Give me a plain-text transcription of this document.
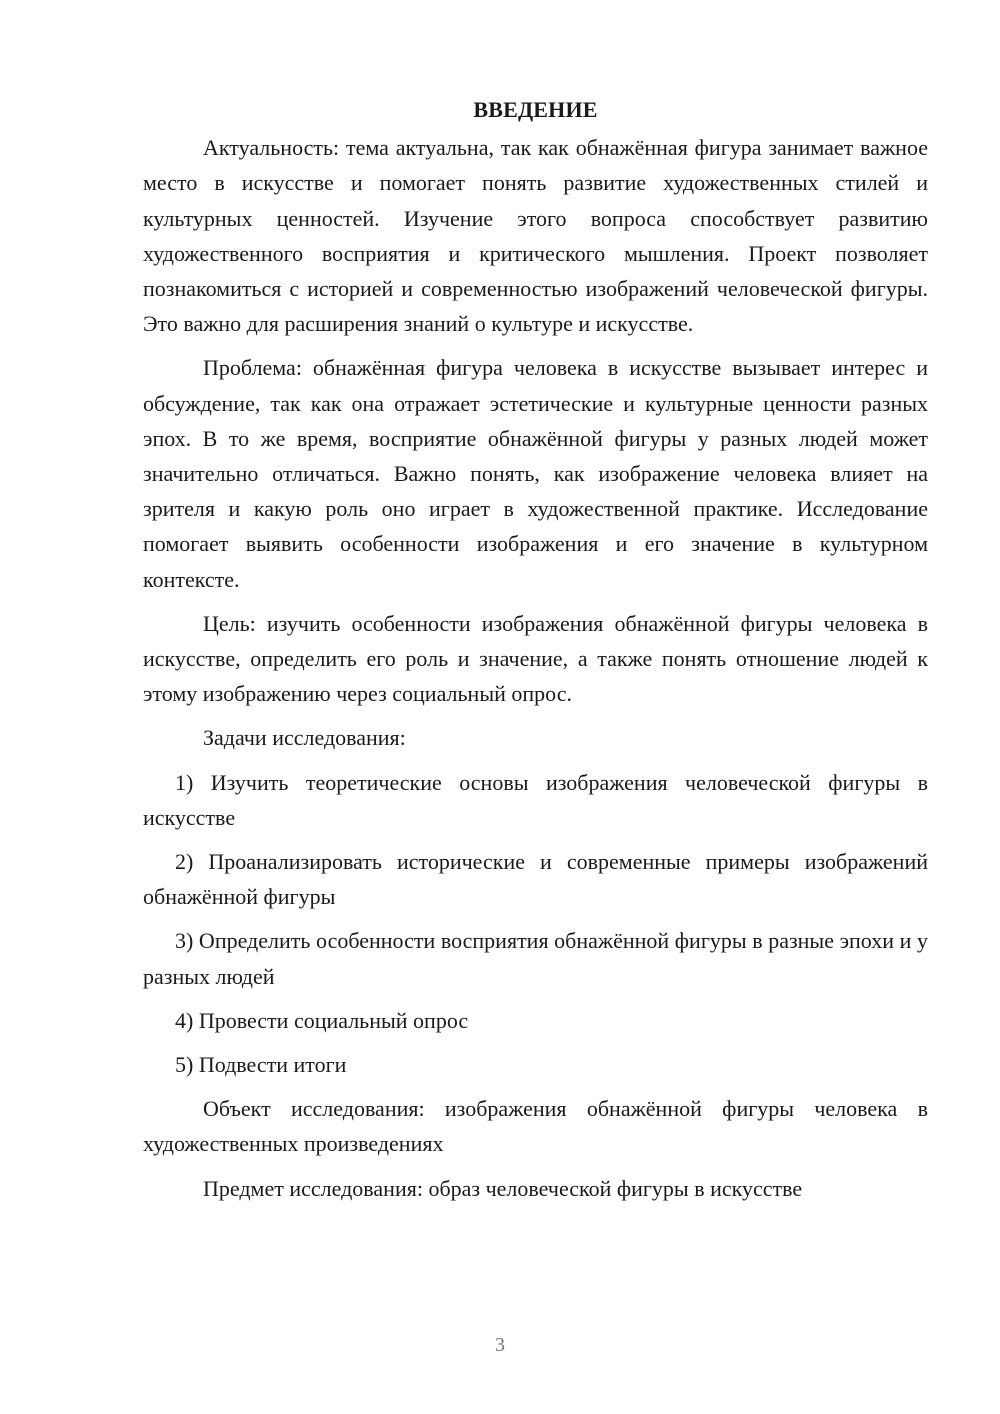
ВВЕДЕНИЕ

Актуальность: тема актуальна, так как обнажённая фигура занимает важное место в искусстве и помогает понять развитие художественных стилей и культурных ценностей. Изучение этого вопроса способствует развитию художественного восприятия и критического мышления. Проект позволяет познакомиться с историей и современностью изображений человеческой фигуры. Это важно для расширения знаний о культуре и искусстве.

Проблема: обнажённая фигура человека в искусстве вызывает интерес и обсуждение, так как она отражает эстетические и культурные ценности разных эпох. В то же время, восприятие обнажённой фигуры у разных людей может значительно отличаться. Важно понять, как изображение человека влияет на зрителя и какую роль оно играет в художественной практике. Исследование помогает выявить особенности изображения и его значение в культурном контексте.

Цель: изучить особенности изображения обнажённой фигуры человека в искусстве, определить его роль и значение, а также понять отношение людей к этому изображению через социальный опрос.

Задачи исследования:

1) Изучить теоретические основы изображения человеческой фигуры в искусстве
2) Проанализировать исторические и современные примеры изображений обнажённой фигуры
3) Определить особенности восприятия обнажённой фигуры в разные эпохи и у разных людей
4) Провести социальный опрос
5) Подвести итоги

Объект исследования: изображения обнажённой фигуры человека в художественных произведениях

Предмет исследования: образ человеческой фигуры в искусстве

3
